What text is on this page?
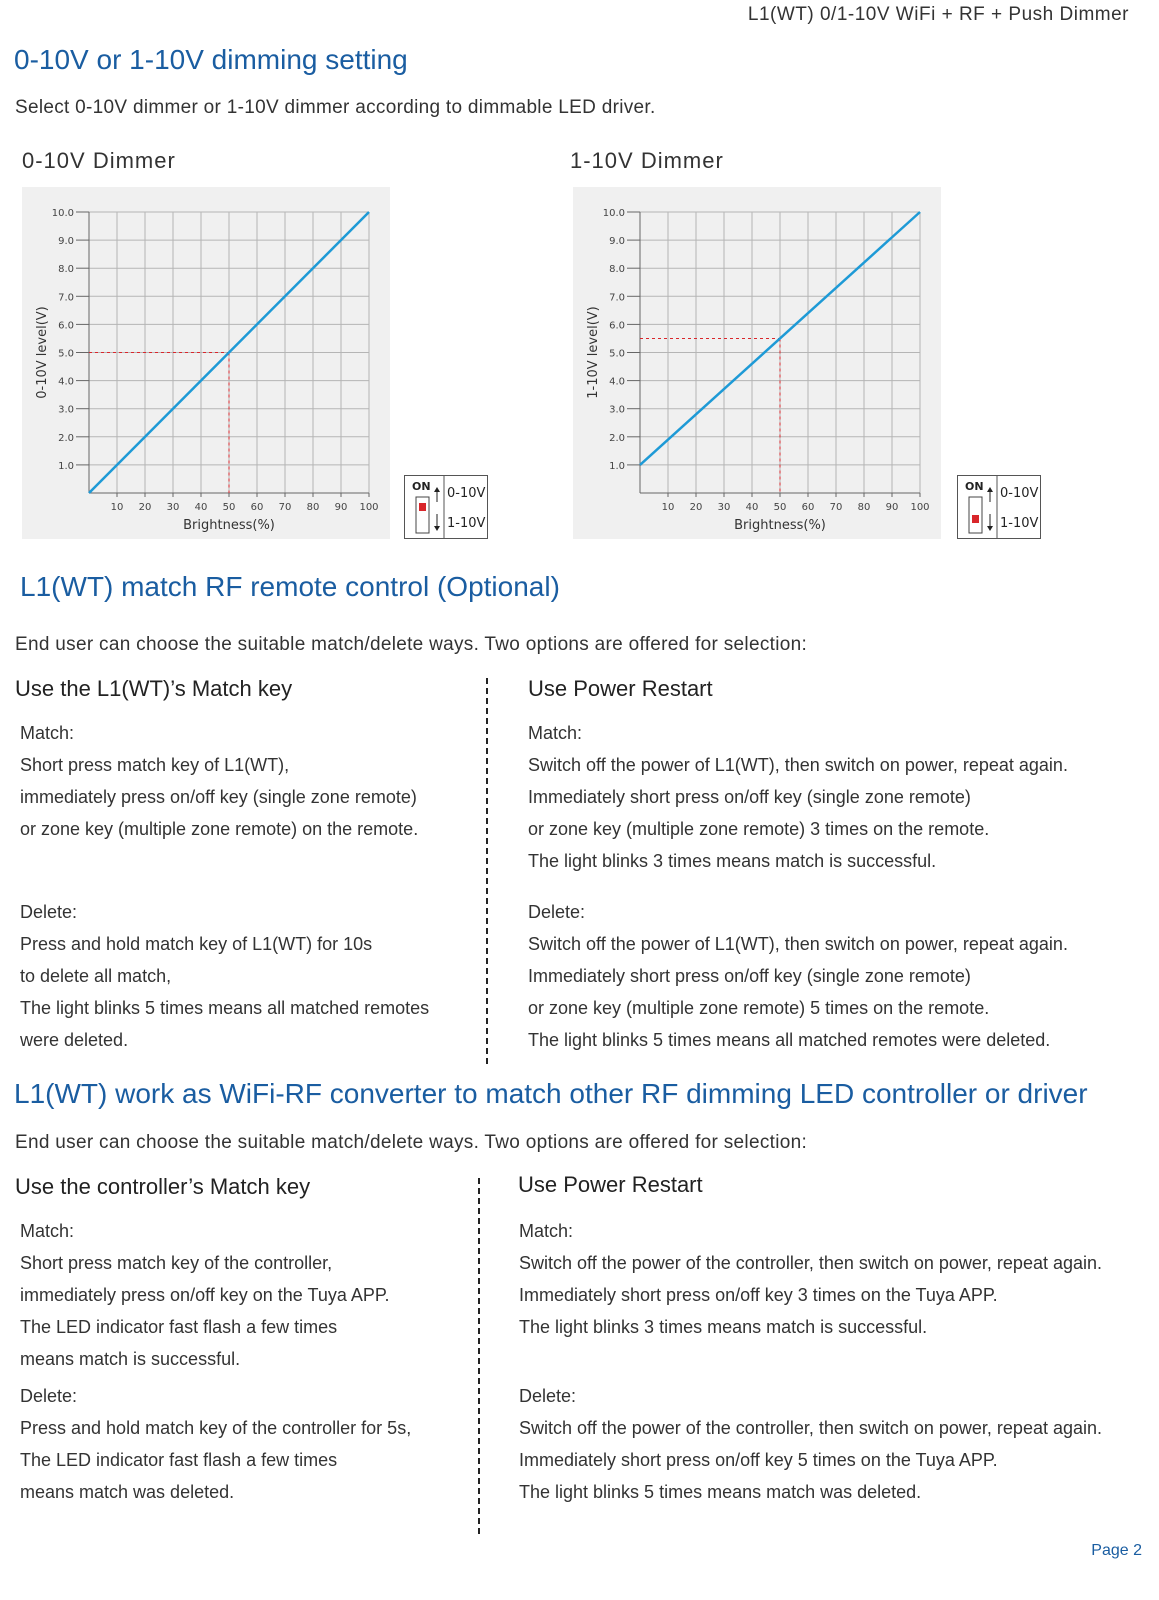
L1(WT) 0/1-10V WiFi + RF + Push Dimmer
0-10V or 1-10V dimming setting
Select 0-10V dimmer or 1-10V dimmer according to dimmable LED driver.
0-10V Dimmer
1.0
2.0
3.0
4.0
5.0
6.0
7.0
8.0
9.0
10.0
10 20 30 40 50 60 70 80 90 100
Brightness(%)
0-10V level(V)
ON 0-10V
1-10V
1-10V Dimmer
1.0
2.0
3.0
4.0
5.0
6.0
7.0
8.0
9.0
10.0
10 20 30 40 50 60 70 80 90 100
Brightness(%)
1-10V level(V)
ON 0-10V
1-10V
L1(WT) match RF remote control (Optional)
End user can choose the suitable match/delete ways. Two options are offered for selection:
Use the L1(WT)’s Match key	Use Power Restart
Match:
Short press match key of L1(WT),
immediately press on/off key (single zone remote)
or zone key (multiple zone remote) on the remote.
Delete:
Press and hold match key of L1(WT) for 10s
to delete all match,
The light blinks 5 times means all matched remotes
were deleted.
Match:
Switch off the power of L1(WT), then switch on power, repeat again.
Immediately short press on/off key (single zone remote)
or zone key (multiple zone remote) 3 times on the remote.
The light blinks 3 times means match is successful.
Delete:
Switch off the power of L1(WT), then switch on power, repeat again.
Immediately short press on/off key (single zone remote)
or zone key (multiple zone remote) 5 times on the remote.
The light blinks 5 times means all matched remotes were deleted.
L1(WT) work as WiFi-RF converter to match other RF dimming LED controller or driver
End user can choose the suitable match/delete ways. Two options are offered for selection:
Use the controller’s Match key	Use Power Restart
Match:
Short press match key of the controller,
immediately press on/off key on the Tuya APP.
The LED indicator fast flash a few times
means match is successful.
Delete:
Press and hold match key of the controller for 5s,
The LED indicator fast flash a few times
means match was deleted.
Match:
Switch off the power of the controller, then switch on power, repeat again.
Immediately short press on/off key 3 times on the Tuya APP.
The light blinks 3 times means match is successful.
Delete:
Switch off the power of the controller, then switch on power, repeat again.
Immediately short press on/off key 5 times on the Tuya APP.
The light blinks 5 times means match was deleted.
Page 2
